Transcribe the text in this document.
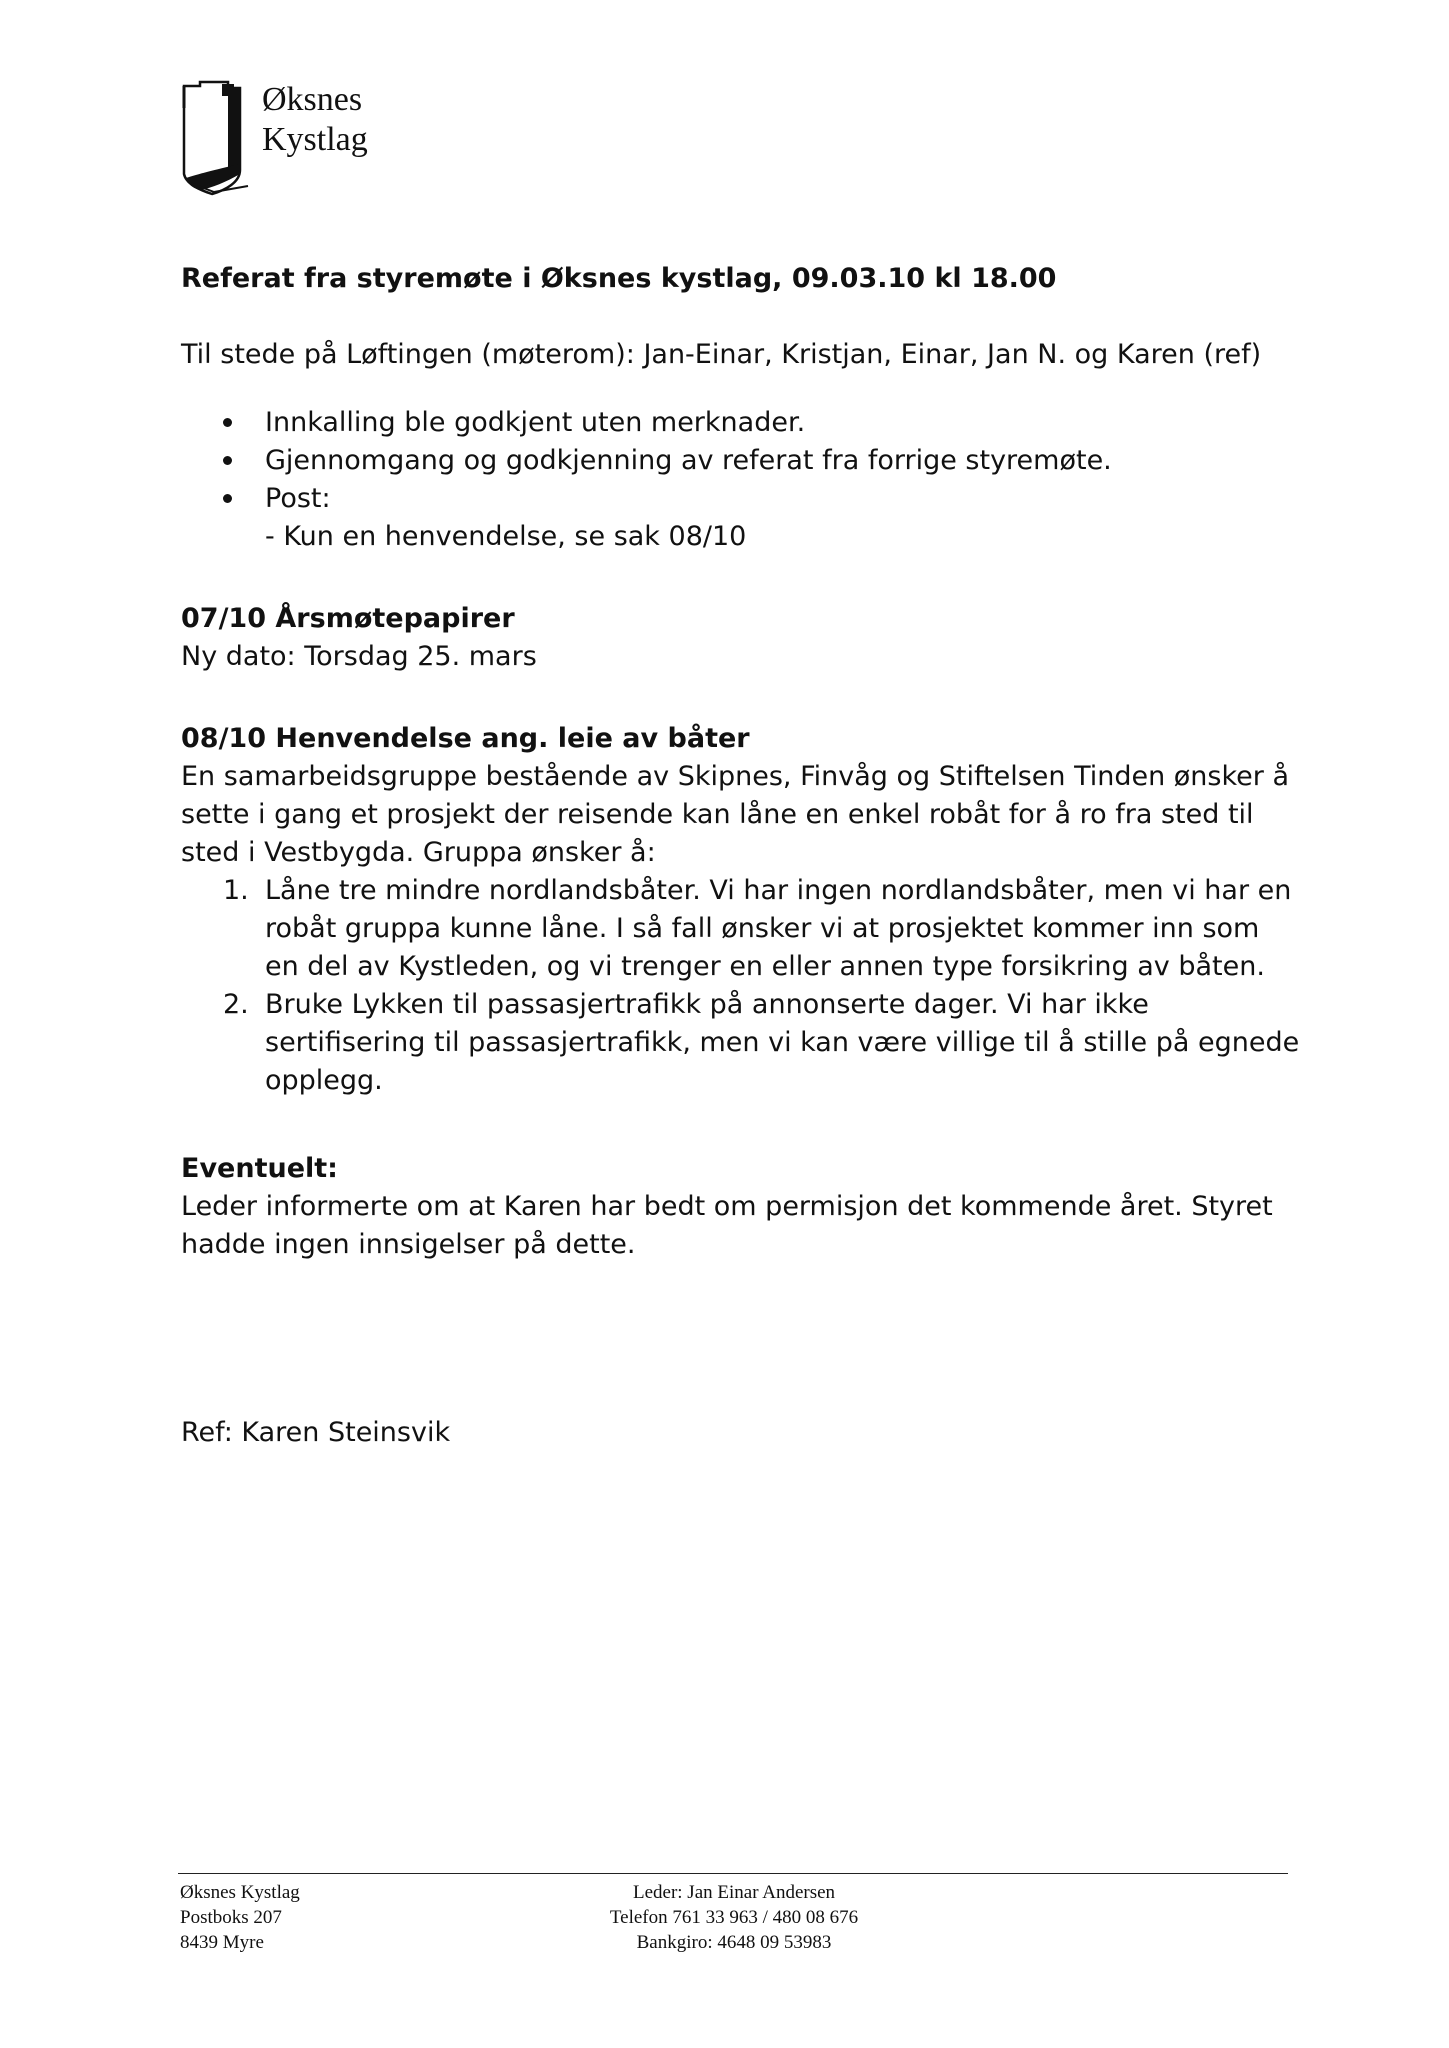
Øksnes
Kystlag
Referat fra styremøte i Øksnes kystlag, 09.03.10 kl 18.00
Til stede på Løftingen (møterom): Jan-Einar, Kristjan, Einar, Jan N. og Karen (ref)
Innkalling ble godkjent uten merknader.
Gjennomgang og godkjenning av referat fra forrige styremøte.
Post:
- Kun en henvendelse, se sak 08/10
07/10 Årsmøtepapirer
Ny dato: Torsdag 25. mars
08/10 Henvendelse ang. leie av båter
En samarbeidsgruppe bestående av Skipnes, Finvåg og Stiftelsen Tinden ønsker å sette i gang et prosjekt der reisende kan låne en enkel robåt for å ro fra sted til sted i Vestbygda. Gruppa ønsker å:
1. Låne tre mindre nordlandsbåter. Vi har ingen nordlandsbåter, men vi har en robåt gruppa kunne låne. I så fall ønsker vi at prosjektet kommer inn som en del av Kystleden, og vi trenger en eller annen type forsikring av båten.
2. Bruke Lykken til passasjertrafikk på annonserte dager. Vi har ikke sertifisering til passasjertrafikk, men vi kan være villige til å stille på egnede opplegg.
Eventuelt:
Leder informerte om at Karen har bedt om permisjon det kommende året. Styret hadde ingen innsigelser på dette.
Ref: Karen Steinsvik
Øksnes Kystlag
Postboks 207
8439 Myre
Leder: Jan Einar Andersen
Telefon 761 33 963 / 480 08 676
Bankgiro: 4648 09 53983
